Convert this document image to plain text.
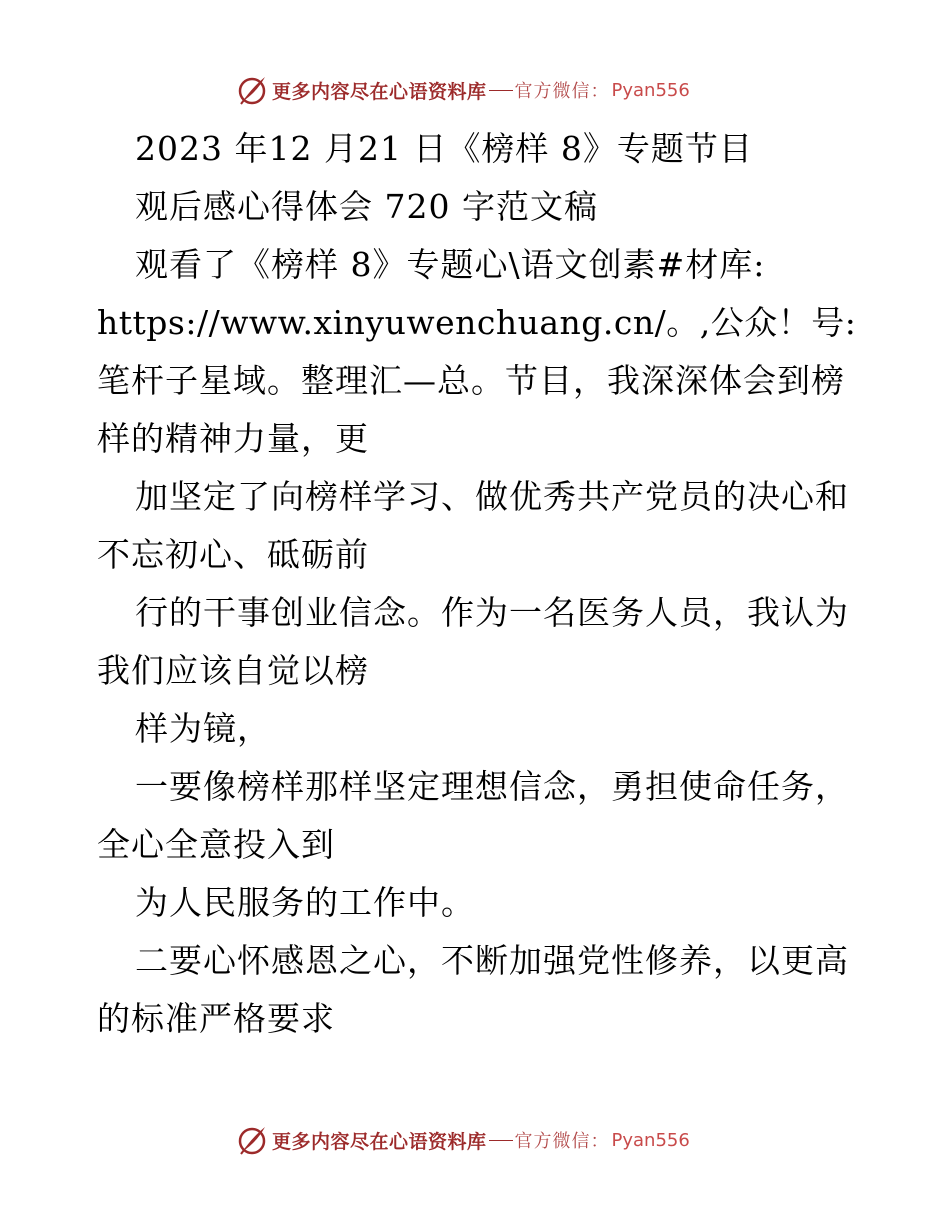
更多内容尽在心语资料库 官方微信： Pyan556
2023 年12 月21 日《榜样 8》专题节目
观后感心得体会 720 字范文稿
观看了《榜样 8》专题心\语文创素#材库:
https://www.xinyuwenchuang.cn/。,公众！号:
笔杆子星域。整理汇—总。节目，我深深体会到榜
样的精神力量，更
加坚定了向榜样学习、做优秀共产党员的决心和
不忘初心、砥砺前
行的干事创业信念。作为一名医务人员，我认为
我们应该自觉以榜
样为镜，
一要像榜样那样坚定理想信念，勇担使命任务，
全心全意投入到
为人民服务的工作中。
二要心怀感恩之心，不断加强党性修养，以更高
的标准严格要求
更多内容尽在心语资料库 官方微信： Pyan556
